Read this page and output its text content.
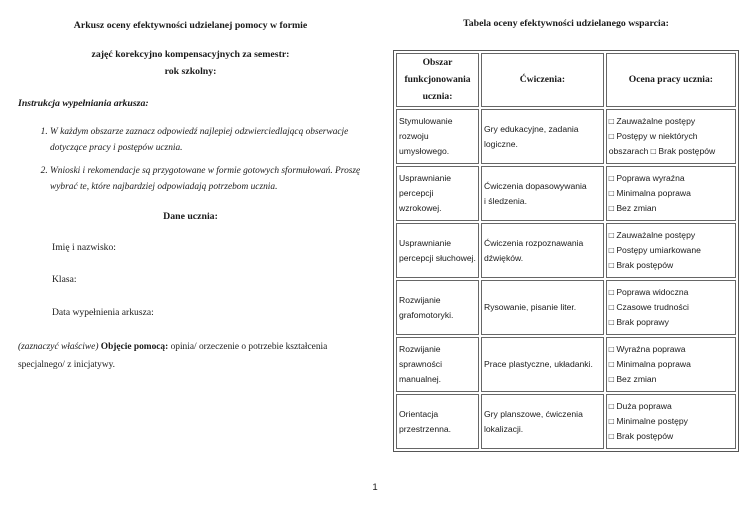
Arkusz oceny efektywności udzielanej pomocy w formie
zajęć korekcyjno kompensacyjnych za semestr:
rok szkolny:
Instrukcja wypełniania arkusza:
1. W każdym obszarze zaznacz odpowiedź najlepiej odzwierciedlającą obserwacje dotyczące pracy i postępów ucznia.
2. Wnioski i rekomendacje są przygotowane w formie gotowych sformułowań. Proszę wybrać te, które najbardziej odpowiadają potrzebom ucznia.
Dane ucznia:
Imię i nazwisko:
Klasa:
Data wypełnienia arkusza:
(zaznaczyć właściwe) Objęcie pomocą: opinia/ orzeczenie o potrzebie kształcenia specjalnego/ z inicjatywy.
Tabela oceny efektywności udzielanego wsparcia:
Obszar
funkcjonowania
ucznia:	Ćwiczenia:	Ocena pracy ucznia:

Stymulowanie
rozwoju
umysłowego.	Gry edukacyjne, zadania
logiczne.	□ Zauważalne postępy
□ Postępy w niektórych
obszarach □ Brak postępów

Usprawnianie
percepcji
wzrokowej.	Ćwiczenia dopasowywania
i śledzenia.	□ Poprawa wyraźna
□ Minimalna poprawa
□ Bez zmian

Usprawnianie
percepcji słuchowej.	Ćwiczenia rozpoznawania
dźwięków.	□ Zauważalne postępy
□ Postępy umiarkowane
□ Brak postępów

Rozwijanie
grafomotoryki.	Rysowanie, pisanie liter.	□ Poprawa widoczna
□ Czasowe trudności
□ Brak poprawy

Rozwijanie
sprawności
manualnej.	Prace plastyczne, układanki.	□ Wyraźna poprawa
□ Minimalna poprawa
□ Bez zmian

Orientacja
przestrzenna.	Gry planszowe, ćwiczenia
lokalizacji.	□ Duża poprawa
□ Minimalne postępy
□ Brak postępów
1
